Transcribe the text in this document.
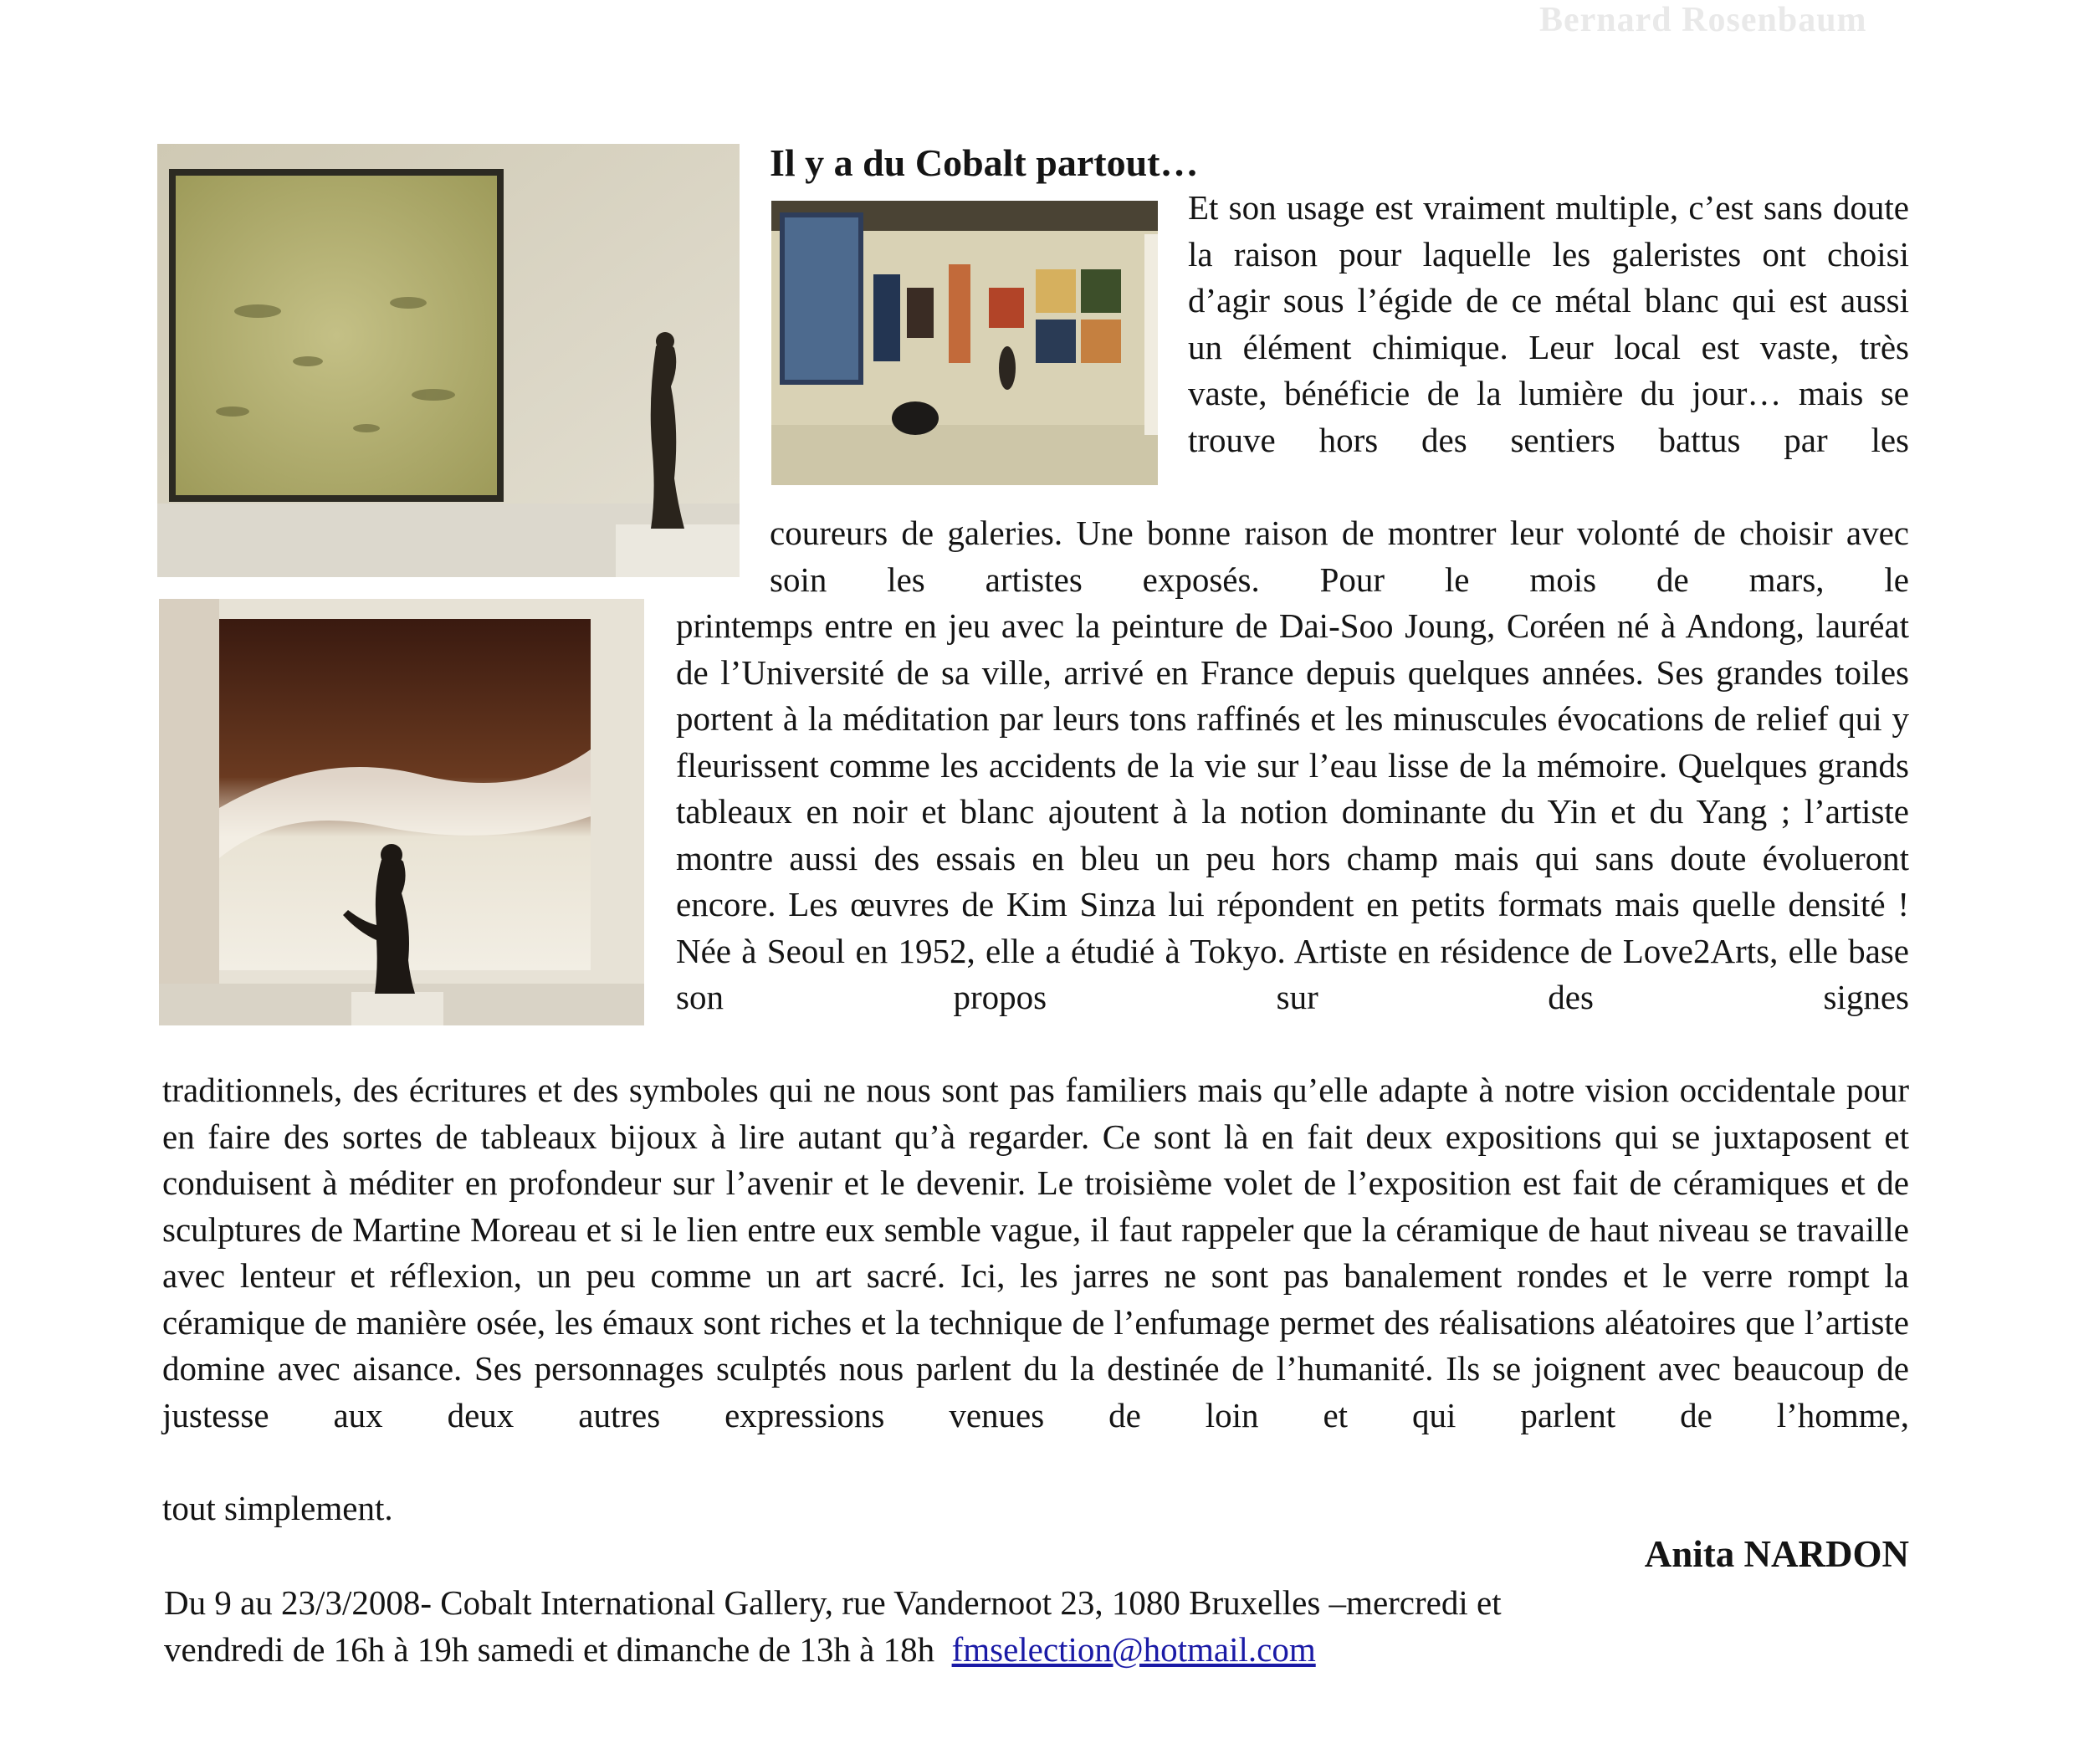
Bernard Rosenbaum
Il y a du Cobalt partout…

Et son usage est vraiment multiple, c’est sans doute la raison pour laquelle les galeristes ont choisi d’agir sous l’égide de ce métal blanc qui est aussi un élément chimique. Leur local est vaste, très vaste, bénéficie de la lumière du jour… mais se trouve hors des sentiers battus par les

coureurs de galeries. Une bonne raison de montrer leur volonté de choisir avec soin les artistes exposés. Pour le mois de mars, le

printemps entre en jeu avec la peinture de Dai-Soo Joung, Coréen né à Andong, lauréat de l’Université de sa ville, arrivé en France depuis quelques années. Ses grandes toiles portent à la méditation par leurs tons raffinés et les minuscules évocations de relief qui y fleurissent comme les accidents de la vie sur l’eau lisse de la mémoire. Quelques grands tableaux en noir et blanc ajoutent à la notion dominante du Yin et du Yang ; l’artiste montre aussi des essais en bleu un peu hors champ mais qui sans doute évolueront encore. Les œuvres de Kim Sinza lui répondent en petits formats mais quelle densité ! Née à Seoul en 1952, elle a étudié à Tokyo. Artiste en résidence de Love2Arts, elle base son propos sur des signes

traditionnels, des écritures et des symboles qui ne nous sont pas familiers mais qu’elle adapte à notre vision occidentale pour en faire des sortes de tableaux bijoux à lire autant qu’à regarder. Ce sont là en fait deux expositions qui se juxtaposent et conduisent à méditer en profondeur sur l’avenir et le devenir. Le troisième volet de l’exposition est fait de céramiques et de sculptures de Martine Moreau et si le lien entre eux semble vague, il faut rappeler que la céramique de haut niveau se travaille avec lenteur et réflexion, un peu comme un art sacré. Ici, les jarres ne sont pas banalement rondes et le verre rompt la céramique de manière osée, les émaux sont riches et la technique de l’enfumage permet des réalisations aléatoires que l’artiste domine avec aisance. Ses personnages sculptés nous parlent du la destinée de l’humanité. Ils se joignent avec beaucoup de justesse aux deux autres expressions venues de loin et qui parlent de l’homme,

tout simplement.

Anita NARDON
Du 9 au 23/3/2008- Cobalt International Gallery, rue Vandernoot 23, 1080 Bruxelles –mercredi et
vendredi de 16h à 19h samedi et dimanche de 13h à 18h fmselection@hotmail.com
